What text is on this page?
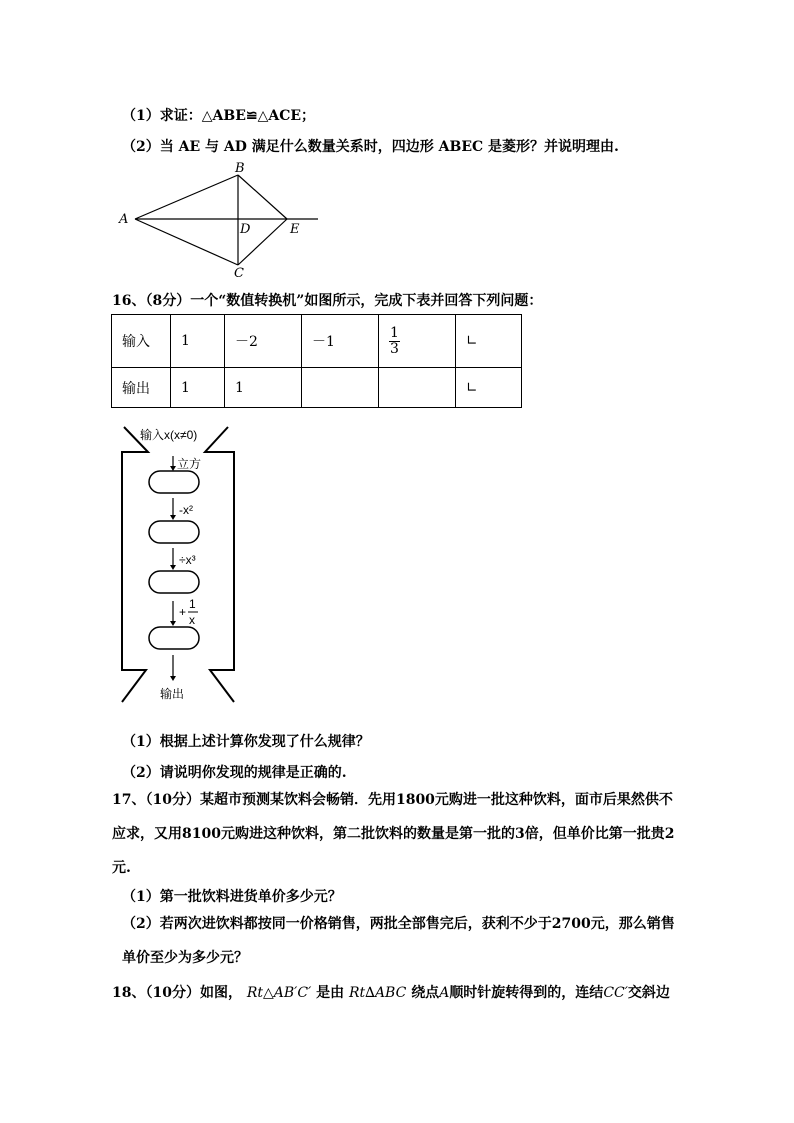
（1）求证：△ABE≌△ACE；
（2）当 AE 与 AD 满足什么数量关系时，四边形 ABEC 是菱形？并说明理由.
A
B
C
D	E
16、（8分）一个“数值转换机”如图所示，完成下表并回答下列问题：
输入	1	－2	－1	$\frac{1}{3}$	∟
输出	1	1			∟
输入x(x≠0)
立方
-x²
÷x³
+
1
x
输出
（1）根据上述计算你发现了什么规律？
（2）请说明你发现的规律是正确的.
17、（10分）某超市预测某饮料会畅销．先用1800元购进一批这种饮料，面市后果然供不应求，又用8100元购进这种饮料，第二批饮料的数量是第一批的3倍，但单价比第一批贵2元.
（1）第一批饮料进货单价多少元？
（2）若两次进饮料都按同一价格销售，两批全部售完后，获利不少于2700元，那么销售单价至少为多少元？
18、（10分）如图， Rt△AB′C′ 是由 Rt∆ABC 绕点A顺时针旋转得到的，连结CC′交斜边
